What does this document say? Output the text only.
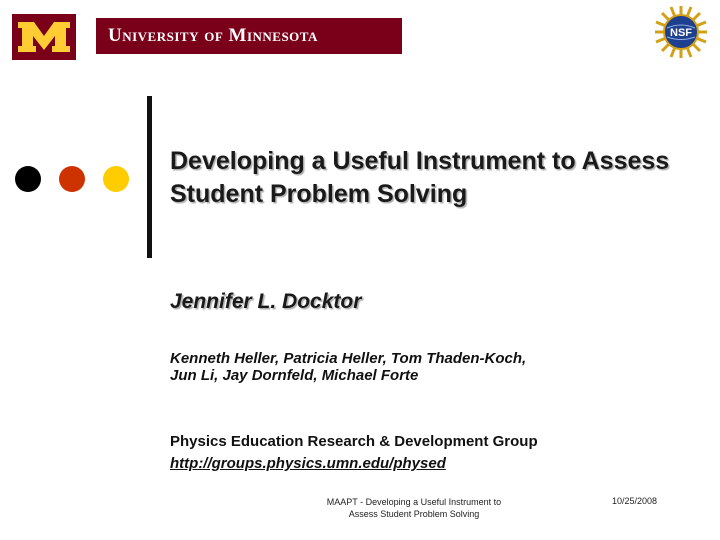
University of Minnesota	NSF
Developing a Useful Instrument to Assess Student Problem Solving
Jennifer L. Docktor
Kenneth Heller, Patricia Heller, Tom Thaden-Koch,
Jun Li, Jay Dornfeld, Michael Forte
Physics Education Research & Development Group
http://groups.physics.umn.edu/physed
MAAPT - Developing a Useful Instrument to
Assess Student Problem Solving
10/25/2008
